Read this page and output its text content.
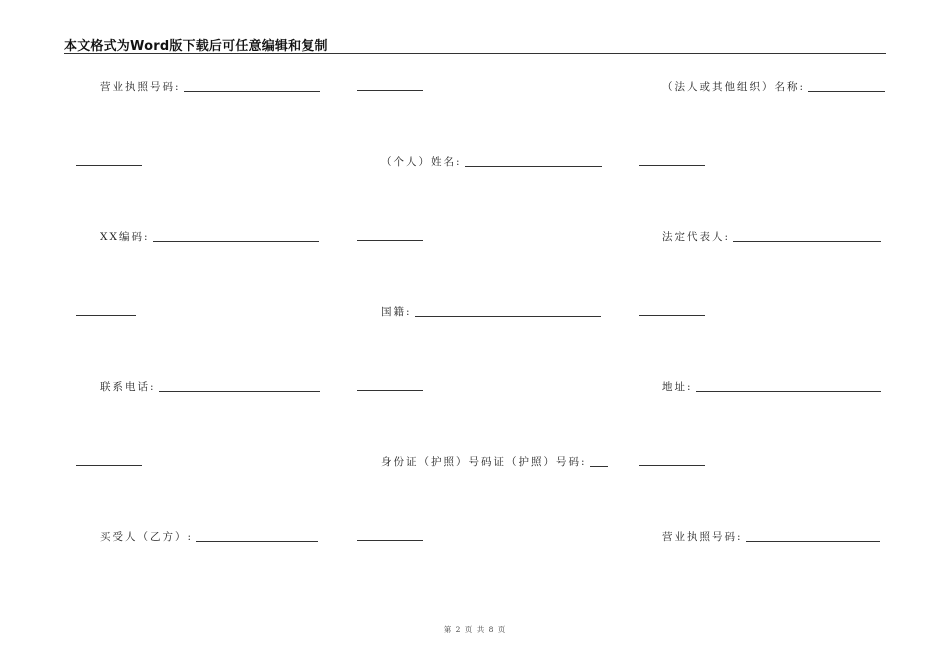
本文格式为Word版下载后可任意编辑和复制
营业执照号码:	（法人或其他组织）名称:
（个人）姓名:
XX编码:	法定代表人:
国籍:
联系电话:	地址:
身份证（护照）号码证（护照）号码:
买受人（乙方）:	营业执照号码:
第 2 页 共 8 页
